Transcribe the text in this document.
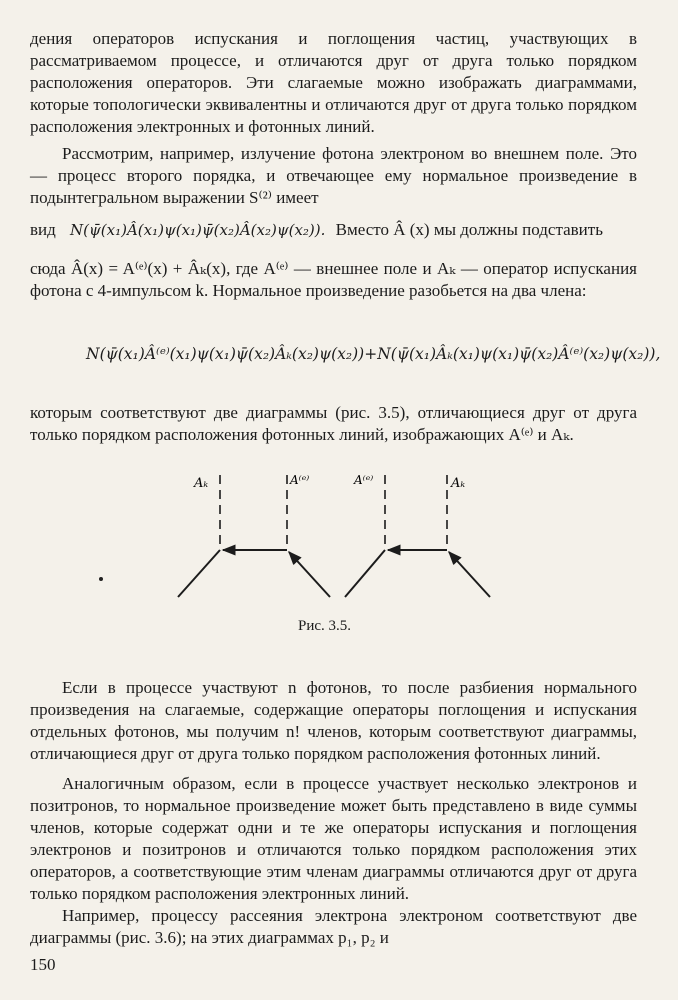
дения операторов испускания и поглощения частиц, участвующих в рассматриваемом процессе, и отличаются друг от друга только порядком расположения операторов. Эти слагаемые можно изображать диаграммами, которые топологически эквивалентны и отличаются друг от друга только порядком расположения электронных и фотонных линий.

Рассмотрим, например, излучение фотона электроном во внешнем поле. Это — процесс второго порядка, и отвечающее ему нормальное произведение в подынтегральном выражении S⁽²⁾ имеет

вид N(ψ̄(x₁)Â(x₁)ψ(x₁)ψ̄(x₂)Â(x₂)ψ(x₂)). Вместо Â (x) мы должны подставить

сюда Â(x) = A⁽ᵉ⁾(x) + Âₖ(x), где A⁽ᵉ⁾ — внешнее поле и Aₖ — оператор испускания фотона с 4-импульсом k. Нормальное произведение разобьется на два члена:

N(ψ̄(x₁)Â⁽ᵉ⁾(x₁)ψ(x₁)ψ̄(x₂)Âₖ(x₂)ψ(x₂))+N(ψ̄(x₁)Âₖ(x₁)ψ(x₁)ψ̄(x₂)Â⁽ᵉ⁾(x₂)ψ(x₂)),

которым соответствуют две диаграммы (рис. 3.5), отличающиеся друг от друга только порядком расположения фотонных линий, изображающих A⁽ᵉ⁾ и Aₖ.

Aₖ	A⁽ᵉ⁾	A⁽ᵉ⁾	Aₖ
Рис. 3.5.

Если в процессе участвуют n фотонов, то после разбиения нормального произведения на слагаемые, содержащие операторы поглощения и испускания отдельных фотонов, мы получим n! членов, которым соответствуют диаграммы, отличающиеся друг от друга только порядком расположения фотонных линий.

Аналогичным образом, если в процессе участвует несколько электронов и позитронов, то нормальное произведение может быть представлено в виде суммы членов, которые содержат одни и те же операторы испускания и поглощения электронов и позитронов и отличаются только порядком расположения этих операторов, а соответствующие этим членам диаграммы отличаются друг от друга только порядком расположения электронных линий.

Например, процессу рассеяния электрона электроном соответствуют две диаграммы (рис. 3.6); на этих диаграммах p₁, p₂ и

150
